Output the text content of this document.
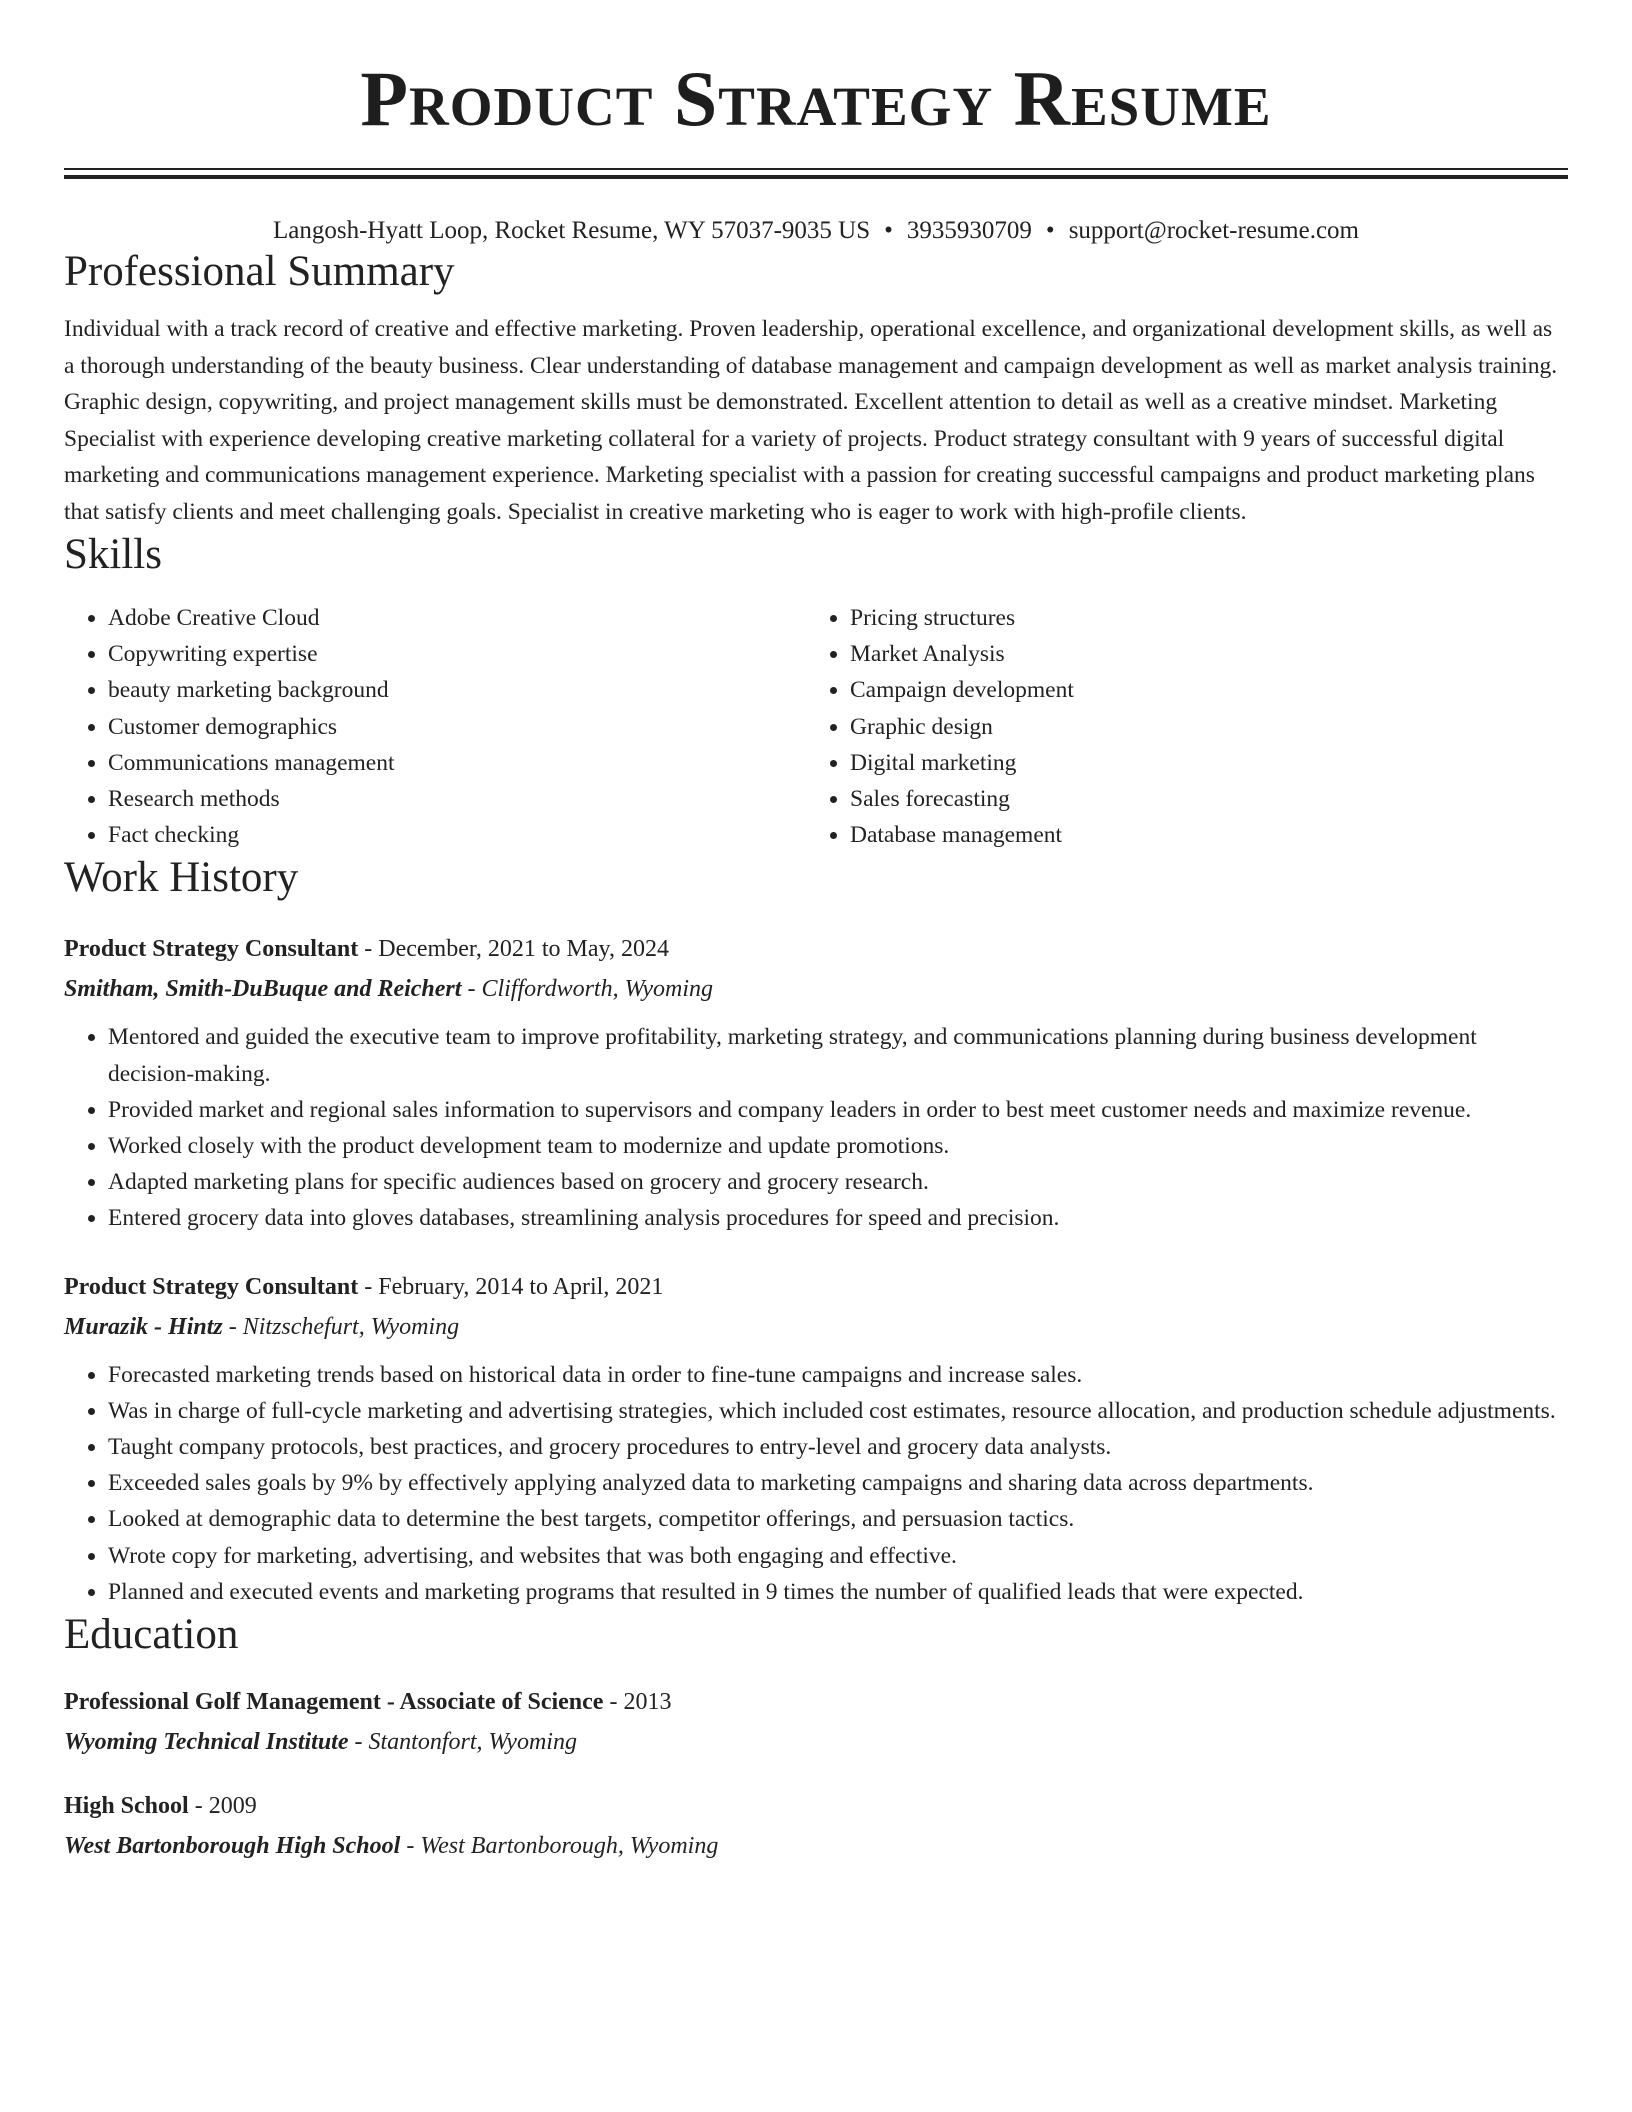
Product Strategy Resume
Langosh-Hyatt Loop, Rocket Resume, WY 57037-9035 US • 3935930709 • support@rocket-resume.com
Professional Summary
Individual with a track record of creative and effective marketing. Proven leadership, operational excellence, and organizational development skills, as well as a thorough understanding of the beauty business. Clear understanding of database management and campaign development as well as market analysis training. Graphic design, copywriting, and project management skills must be demonstrated. Excellent attention to detail as well as a creative mindset. Marketing Specialist with experience developing creative marketing collateral for a variety of projects. Product strategy consultant with 9 years of successful digital marketing and communications management experience. Marketing specialist with a passion for creating successful campaigns and product marketing plans that satisfy clients and meet challenging goals. Specialist in creative marketing who is eager to work with high-profile clients.
Skills
• Adobe Creative Cloud
• Copywriting expertise
• beauty marketing background
• Customer demographics
• Communications management
• Research methods
• Fact checking
• Pricing structures
• Market Analysis
• Campaign development
• Graphic design
• Digital marketing
• Sales forecasting
• Database management
Work History
Product Strategy Consultant - December, 2021 to May, 2024
Smitham, Smith-DuBuque and Reichert - Cliffordworth, Wyoming
• Mentored and guided the executive team to improve profitability, marketing strategy, and communications planning during business development decision-making.
• Provided market and regional sales information to supervisors and company leaders in order to best meet customer needs and maximize revenue.
• Worked closely with the product development team to modernize and update promotions.
• Adapted marketing plans for specific audiences based on grocery and grocery research.
• Entered grocery data into gloves databases, streamlining analysis procedures for speed and precision.
Product Strategy Consultant - February, 2014 to April, 2021
Murazik - Hintz - Nitzschefurt, Wyoming
• Forecasted marketing trends based on historical data in order to fine-tune campaigns and increase sales.
• Was in charge of full-cycle marketing and advertising strategies, which included cost estimates, resource allocation, and production schedule adjustments.
• Taught company protocols, best practices, and grocery procedures to entry-level and grocery data analysts.
• Exceeded sales goals by 9% by effectively applying analyzed data to marketing campaigns and sharing data across departments.
• Looked at demographic data to determine the best targets, competitor offerings, and persuasion tactics.
• Wrote copy for marketing, advertising, and websites that was both engaging and effective.
• Planned and executed events and marketing programs that resulted in 9 times the number of qualified leads that were expected.
Education
Professional Golf Management - Associate of Science - 2013
Wyoming Technical Institute - Stantonfort, Wyoming
High School - 2009
West Bartonborough High School - West Bartonborough, Wyoming
